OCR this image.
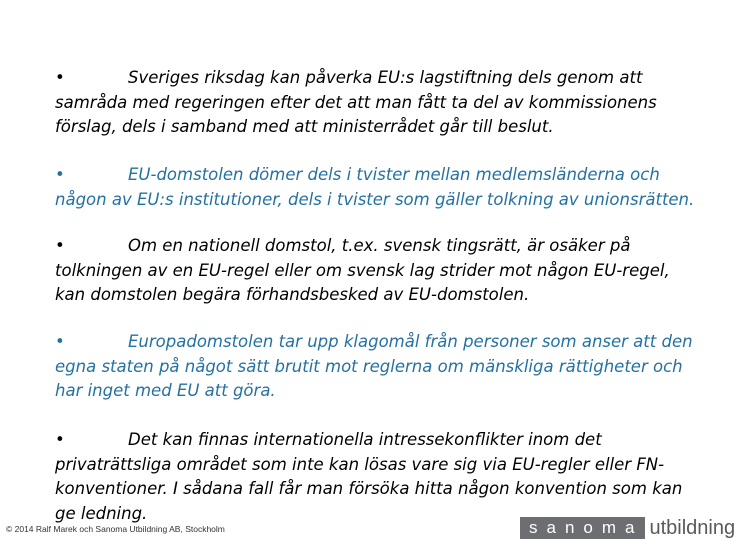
•	Sveriges riksdag kan påverka EU:s lagstiftning dels genom att samråda med regeringen efter det att man fått ta del av kommissionens förslag, dels i samband med att ministerrådet går till beslut.

•	EU-domstolen dömer dels i tvister mellan medlemsländerna och någon av EU:s institutioner, dels i tvister som gäller tolkning av unionsrätten.

•	Om en nationell domstol, t.ex. svensk tingsrätt, är osäker på tolkningen av en EU-regel eller om svensk lag strider mot någon EU-regel, kan domstolen begära förhandsbesked av EU-domstolen.

•	Europadomstolen tar upp klagomål från personer som anser att den egna staten på något sätt brutit mot reglerna om mänskliga rättigheter och har inget med EU att göra.

•	Det kan finnas internationella intressekonflikter inom det privaträttsliga området som inte kan lösas vare sig via EU-regler eller FN-konventioner. I sådana fall får man försöka hitta någon konvention som kan ge ledning.

© 2014 Ralf Marek och Sanoma Utbildning AB, Stockholm	sanoma utbildning
